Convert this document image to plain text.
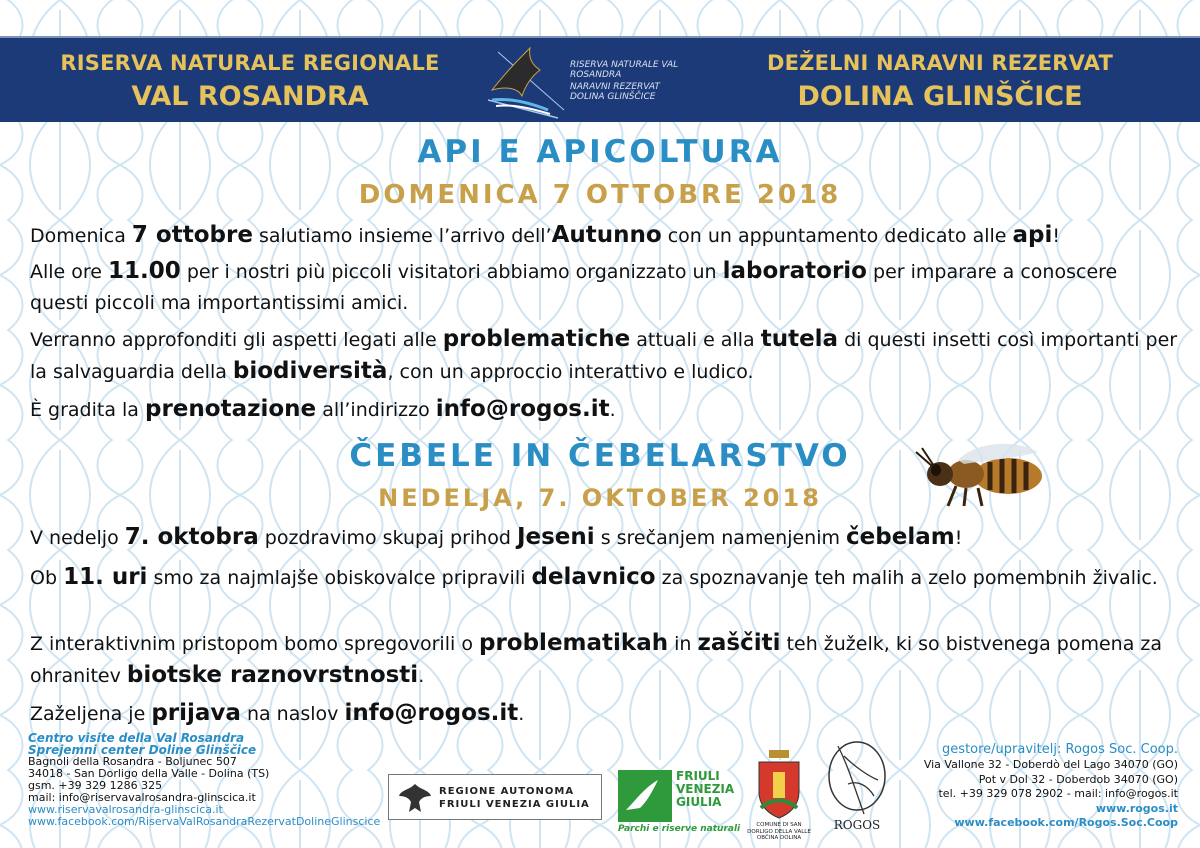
RISERVA NATURALE REGIONALE
VAL ROSANDRA
RISERVA NATURALE VAL ROSANDRA
NARAVNI REZERVAT DOLINA GLINŠČICE
DEŽELNI NARAVNI REZERVAT
DOLINA GLINŠČICE
API E APICOLTURA
DOMENICA 7 OTTOBRE 2018
Domenica 7 ottobre salutiamo insieme l’arrivo dell’Autunno con un appuntamento dedicato alle api!
Alle ore 11.00 per i nostri più piccoli visitatori abbiamo organizzato un laboratorio per imparare a conoscere questi piccoli ma importantissimi amici.
Verranno approfonditi gli aspetti legati alle problematiche attuali e alla tutela di questi insetti così importanti per la salvaguardia della biodiversità, con un approccio interattivo e ludico.
È gradita la prenotazione all’indirizzo info@rogos.it.
ČEBELE IN ČEBELARSTVO
NEDELJA, 7. OKTOBER 2018
V nedeljo 7. oktobra pozdravimo skupaj prihod Jeseni s srečanjem namenjenim čebelam!
Ob 11. uri smo za najmlajše obiskovalce pripravili delavnico za spoznavanje teh malih a zelo pomembnih živalic.
Z interaktivnim pristopom bomo spregovorili o problematikah in zaščiti teh žuželk, ki so bistvenega pomena za ohranitev biotske raznovrstnosti.
Zaželjena je prijava na naslov info@rogos.it.
Centro visite della Val Rosandra
Sprejemni center Doline Glinščice
Bagnoli della Rosandra - Boljunec 507
34018 - San Dorligo della Valle - Dolina (TS)
gsm. +39 329 1286 325
mail: info@riservavalrosandra-glinscica.it
www.riservavalrosandra-glinscica.it
www.facebook.com/RiservaValRosandraRezervatDolineGlinscice
REGIONE AUTONOMA
FRIULI VENEZIA GIULIA
FRIULI
VENEZIA
GIULIA
Parchi e riserve naturali	COMUNE DI SAN DORLIGO DELLA VALLE OBČINA DOLINA
ROGOS
gestore/upravitelj: Rogos Soc. Coop.
Via Vallone 32 - Doberdò del Lago 34070 (GO)
Pot v Dol 32 - Doberdob 34070 (GO)
tel. +39 329 078 2902 - mail: info@rogos.it
www.rogos.it
www.facebook.com/Rogos.Soc.Coop
